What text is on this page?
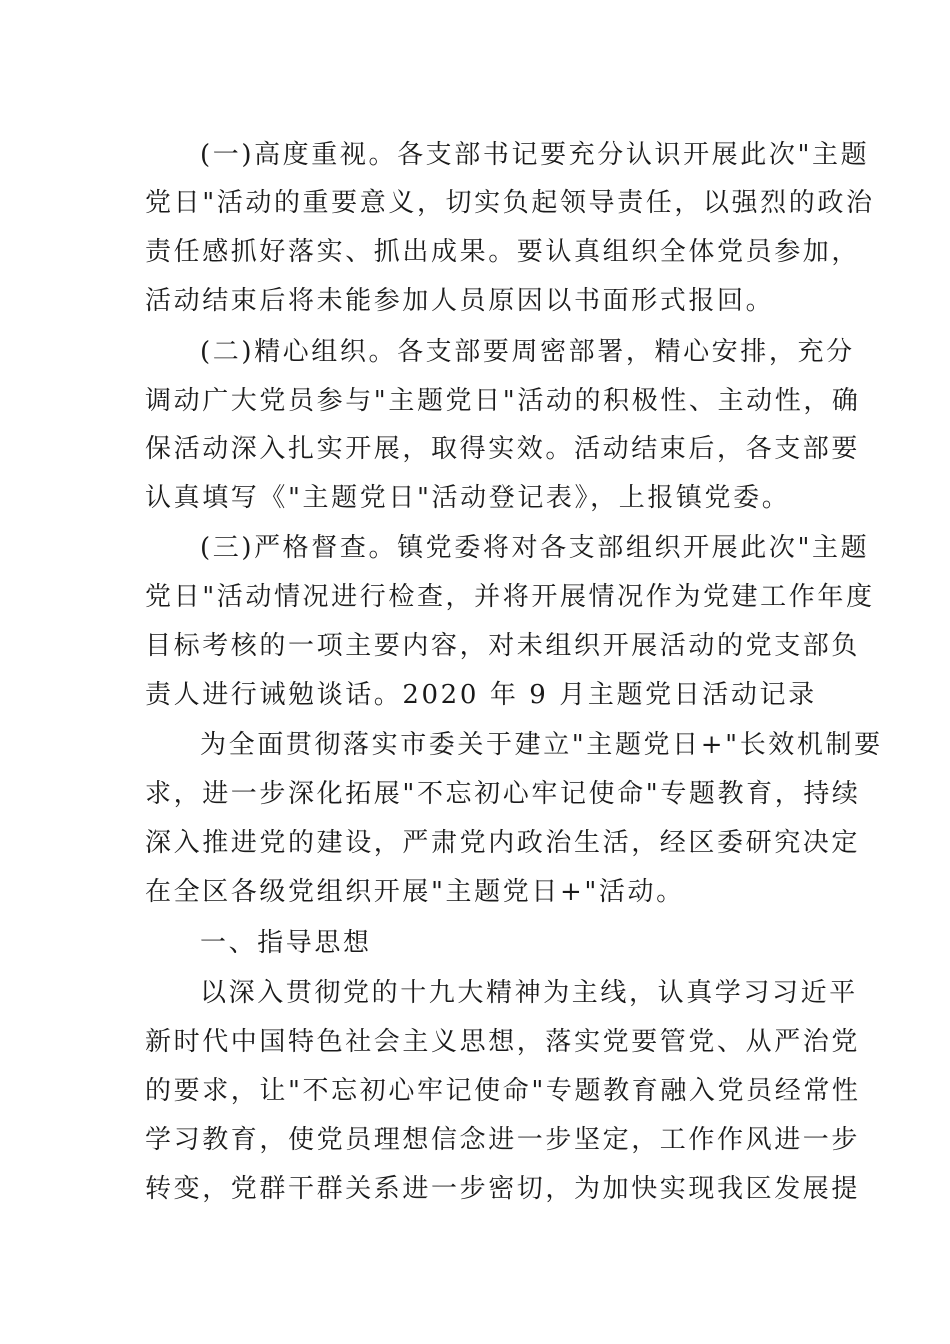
(一)高度重视。各支部书记要充分认识开展此次"主题
党日"活动的重要意义，切实负起领导责任，以强烈的政治
责任感抓好落实、抓出成果。要认真组织全体党员参加，
活动结束后将未能参加人员原因以书面形式报回。
(二)精心组织。各支部要周密部署，精心安排，充分
调动广大党员参与"主题党日"活动的积极性、主动性，确
保活动深入扎实开展，取得实效。活动结束后，各支部要
认真填写《"主题党日"活动登记表》，上报镇党委。
(三)严格督查。镇党委将对各支部组织开展此次"主题
党日"活动情况进行检查，并将开展情况作为党建工作年度
目标考核的一项主要内容，对未组织开展活动的党支部负
责人进行诫勉谈话。2020 年 9 月主题党日活动记录
为全面贯彻落实市委关于建立"主题党日+"长效机制要
求，进一步深化拓展"不忘初心牢记使命"专题教育，持续
深入推进党的建设，严肃党内政治生活，经区委研究决定
在全区各级党组织开展"主题党日+"活动。
一、指导思想
以深入贯彻党的十九大精神为主线，认真学习习近平
新时代中国特色社会主义思想，落实党要管党、从严治党
的要求，让"不忘初心牢记使命"专题教育融入党员经常性
学习教育，使党员理想信念进一步坚定，工作作风进一步
转变，党群干群关系进一步密切，为加快实现我区发展提
